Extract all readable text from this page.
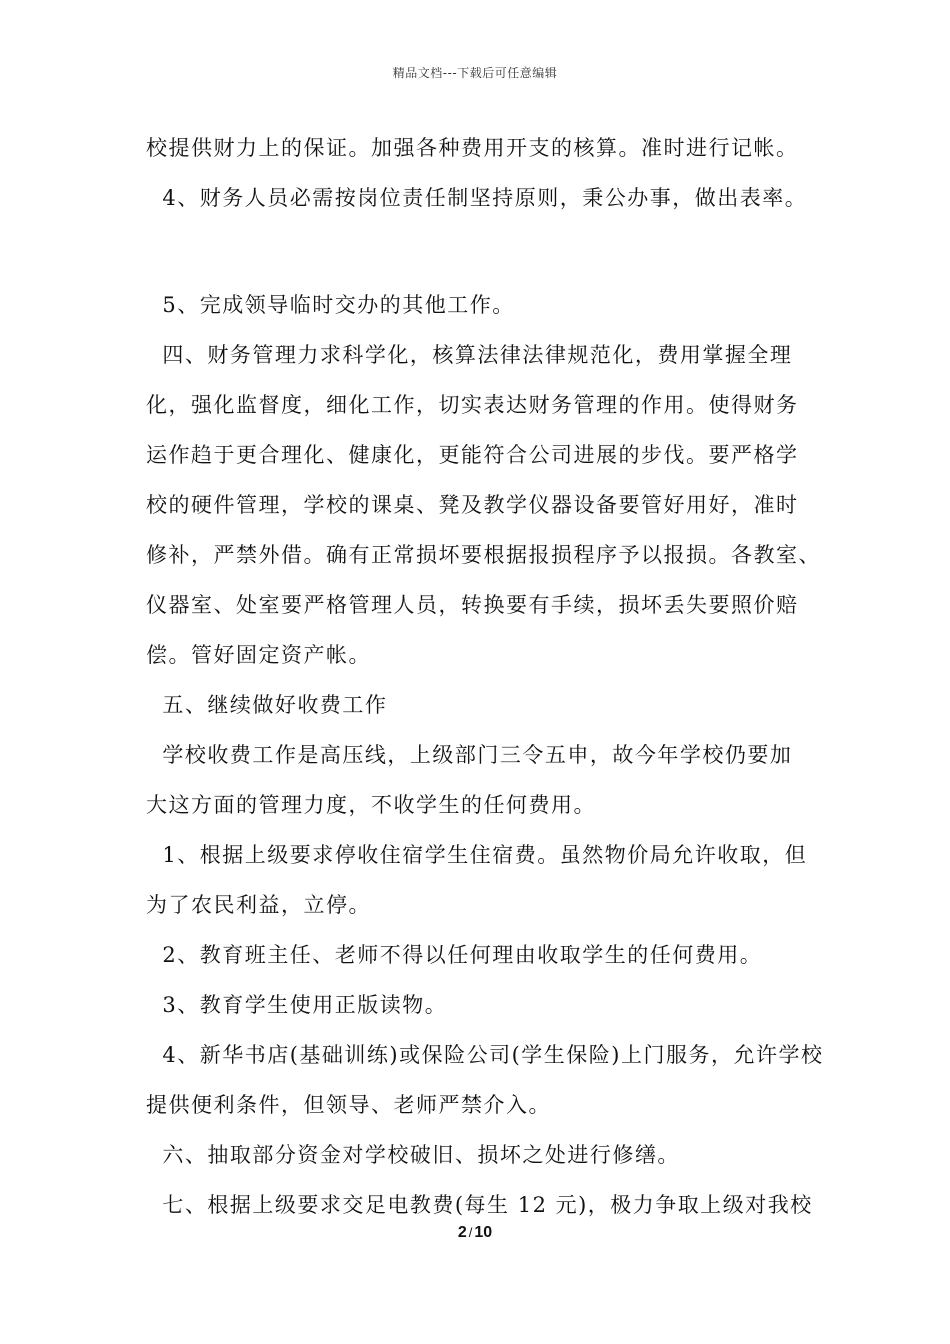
精品文档---下载后可任意编辑
校提供财力上的保证。加强各种费用开支的核算。准时进行记帐。
4、财务人员必需按岗位责任制坚持原则，秉公办事，做出表率。
5、完成领导临时交办的其他工作。
四、财务管理力求科学化，核算法律法律规范化，费用掌握全理
化，强化监督度，细化工作，切实表达财务管理的作用。使得财务
运作趋于更合理化、健康化，更能符合公司进展的步伐。要严格学
校的硬件管理，学校的课桌、凳及教学仪器设备要管好用好，准时
修补，严禁外借。确有正常损坏要根据报损程序予以报损。各教室、
仪器室、处室要严格管理人员，转换要有手续，损坏丢失要照价赔
偿。管好固定资产帐。
五、继续做好收费工作
学校收费工作是高压线，上级部门三令五申，故今年学校仍要加
大这方面的管理力度，不收学生的任何费用。
1、根据上级要求停收住宿学生住宿费。虽然物价局允许收取，但
为了农民利益，立停。
2、教育班主任、老师不得以任何理由收取学生的任何费用。
3、教育学生使用正版读物。
4、新华书店(基础训练)或保险公司(学生保险)上门服务，允许学校
提供便利条件，但领导、老师严禁介入。
六、抽取部分资金对学校破旧、损坏之处进行修缮。
七、根据上级要求交足电教费(每生 12 元)，极力争取上级对我校
2 / 10
